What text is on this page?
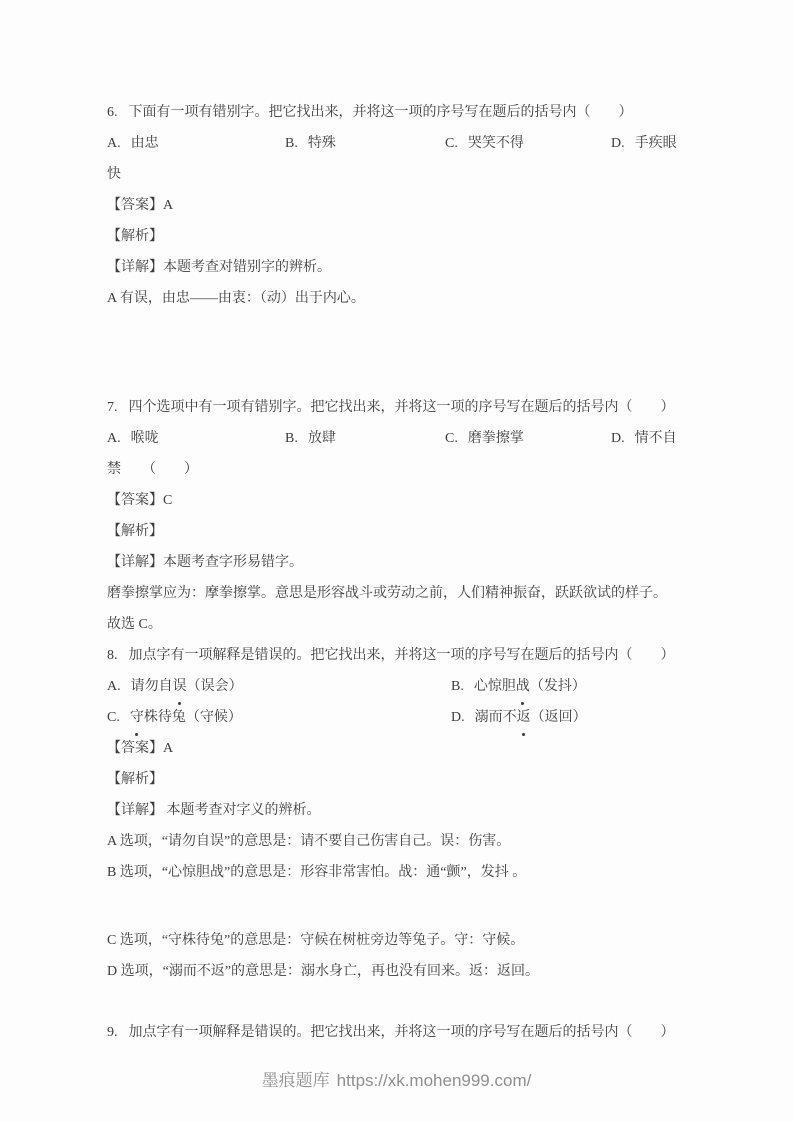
6. 下面有一项有错别字。把它找出来，并将这一项的序号写在题后的括号内（　　）

A. 由忠	B. 特殊	C. 哭笑不得	D. 手疾眼

快

【答案】A

【解析】

【详解】本题考查对错别字的辨析。

A 有误，由忠——由衷：（动）出于内心。

7. 四个选项中有一项有错别字。把它找出来，并将这一项的序号写在题后的括号内（　　）

A. 喉咙	B. 放肆	C. 磨拳擦掌	D. 情不自

禁　　（　　）

【答案】C

【解析】

【详解】本题考查字形易错字。

磨拳擦掌应为：摩拳擦掌。意思是形容战斗或劳动之前，人们精神振奋，跃跃欲试的样子。

故选 C。

8. 加点字有一项解释是错误的。把它找出来，并将这一项的序号写在题后的括号内（　　）

A. 请勿自误（误会）	B. 心惊胆战（发抖）
C. 守株待兔（守候）	D. 溺而不返（返回）

【答案】A

【解析】

【详解】 本题考查对字义的辨析。

A 选项，“请勿自误”的意思是：请不要自己伤害自己。误：伤害。

B 选项，“心惊胆战”的意思是：形容非常害怕。战：通“颤”，发抖 。

C 选项，“守株待兔”的意思是：守候在树桩旁边等兔子。守：守候。

D 选项，“溺而不返”的意思是：溺水身亡，再也没有回来。返：返回。

9. 加点字有一项解释是错误的。把它找出来，并将这一项的序号写在题后的括号内（　　）

墨痕题库 https://xk.mohen999.com/
